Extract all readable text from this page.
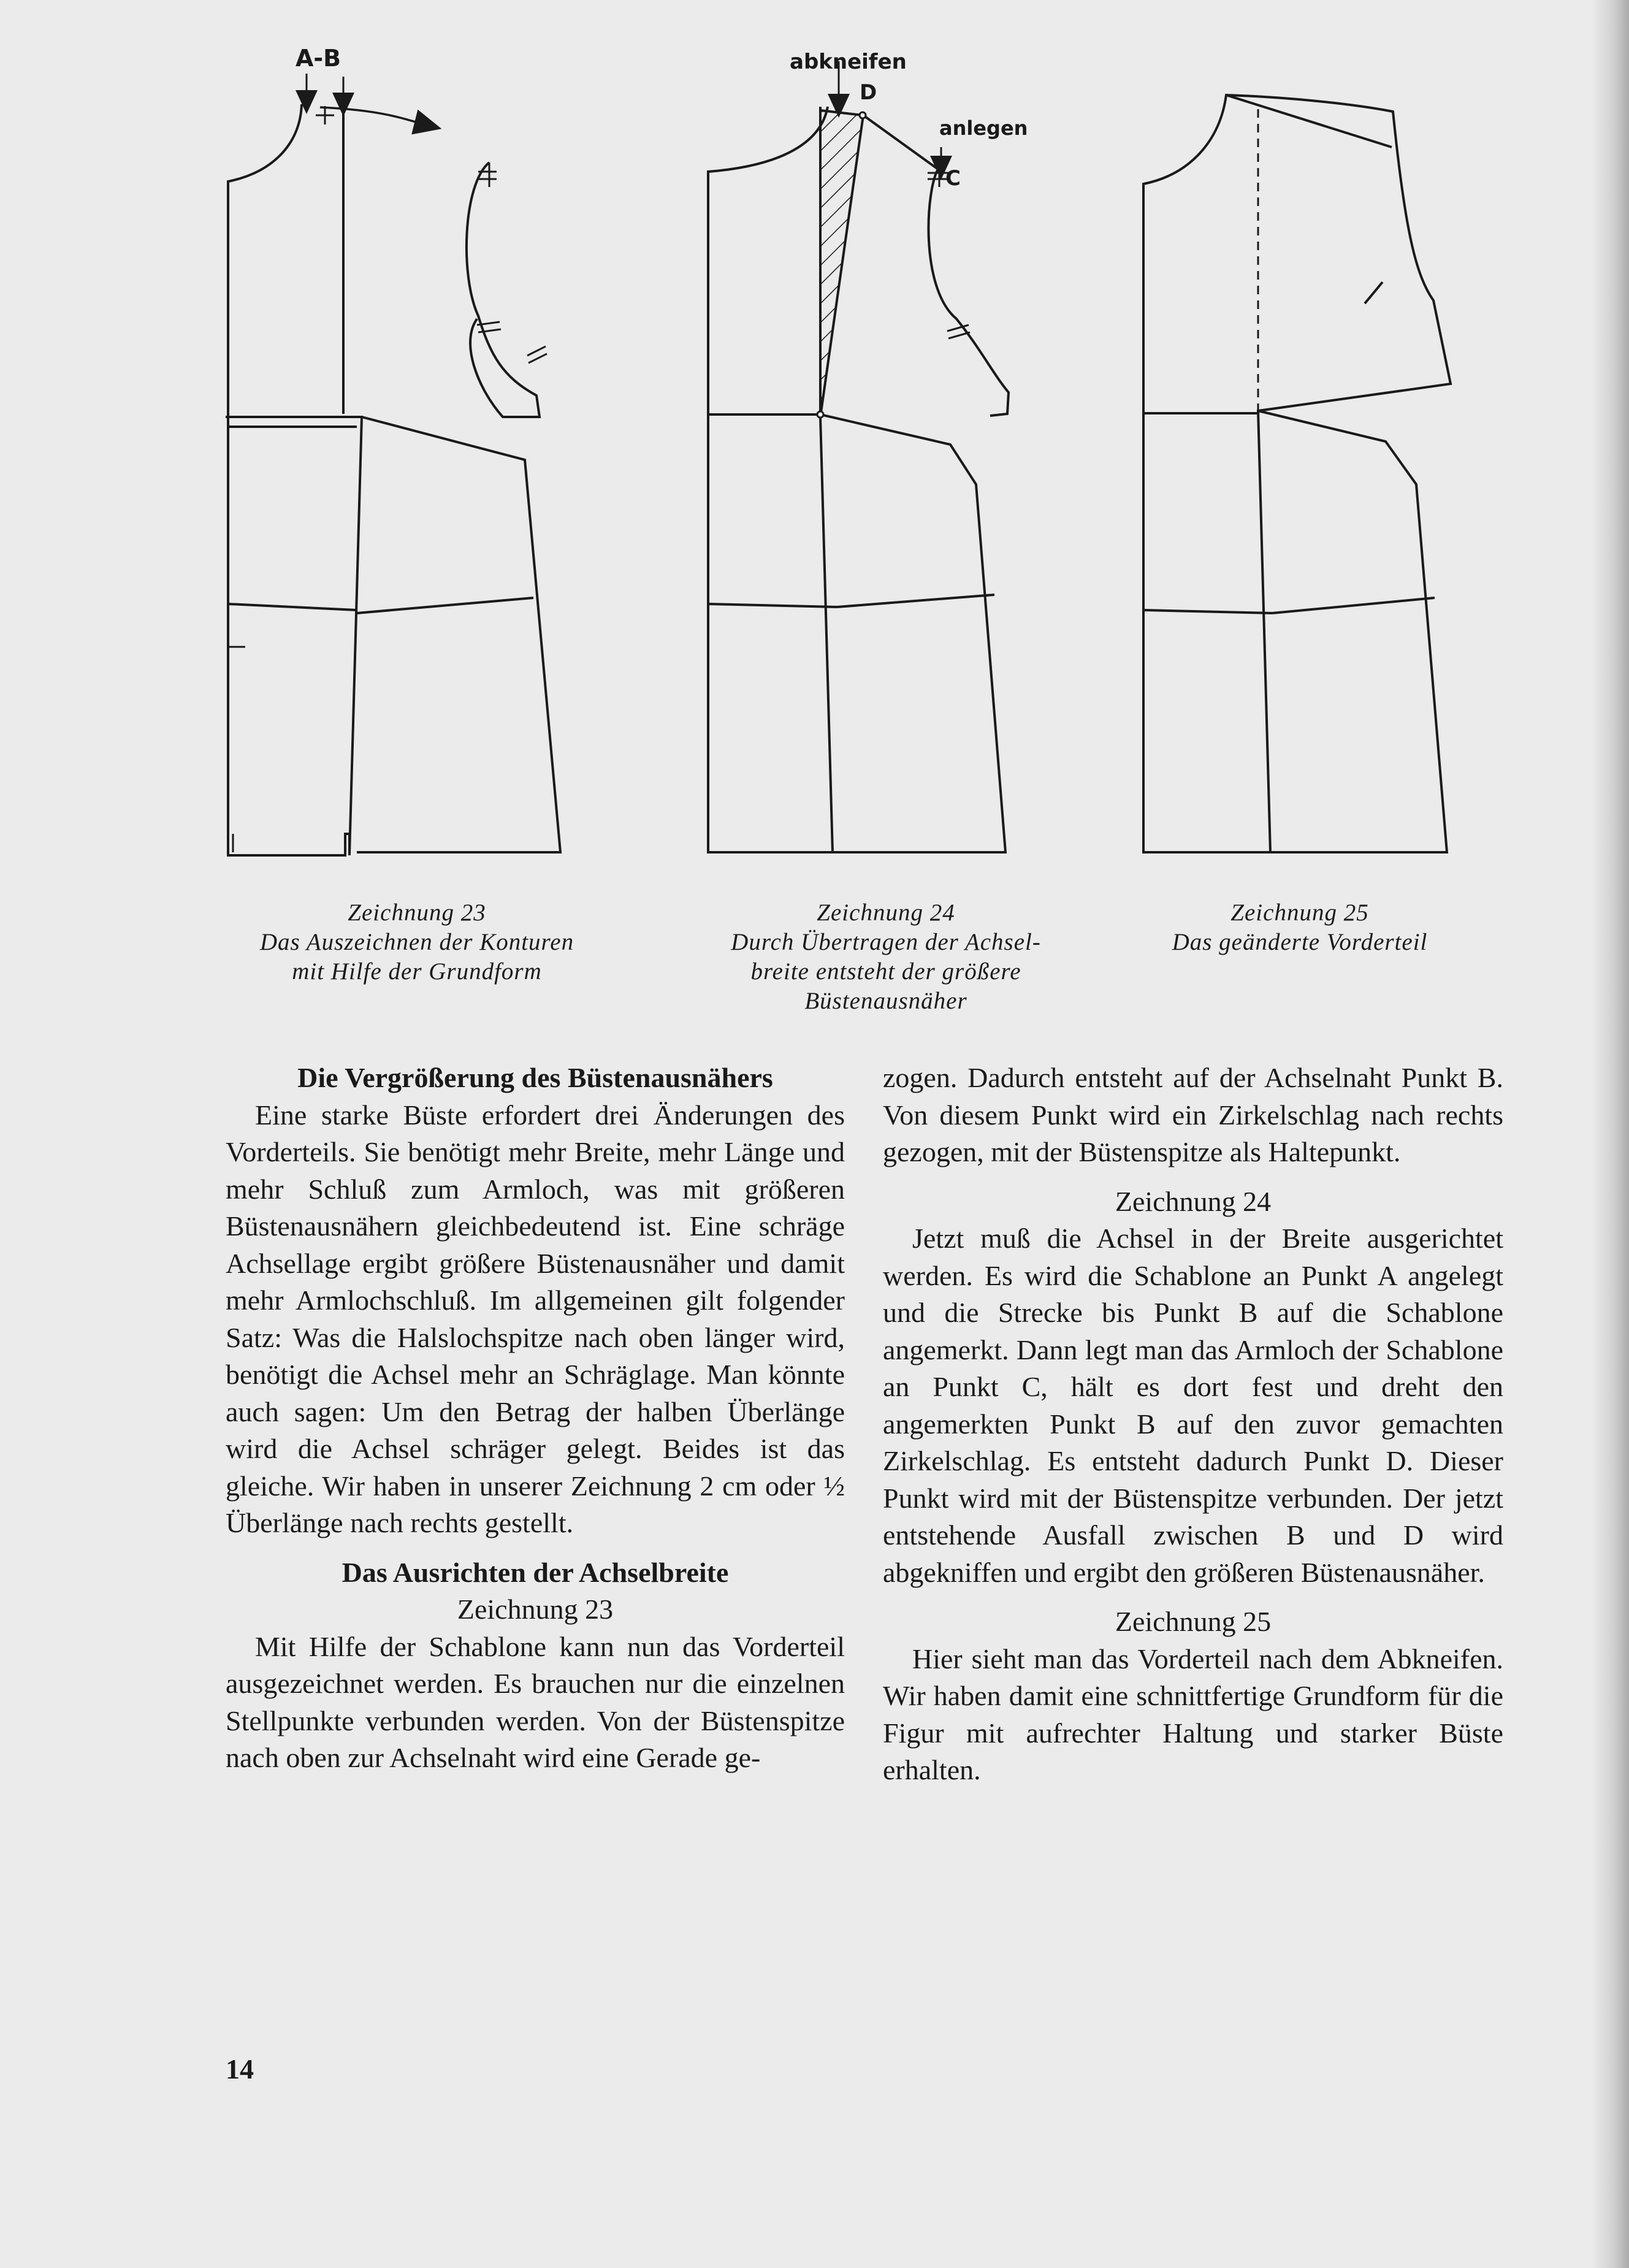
A-B	abkneifen
D
anlegen
C
Zeichnung 23
Das Auszeichnen der Konturen
mit Hilfe der Grundform
Zeichnung 24
Durch Übertragen der Achsel-
breite entsteht der größere
Büstenausnäher
Zeichnung 25
Das geänderte Vorderteil

Die Vergrößerung des Büstenausnähers

Eine starke Büste erfordert drei Änderungen des Vorderteils. Sie benötigt mehr Breite, mehr Länge und mehr Schluß zum Armloch, was mit größeren Büstenausnähern gleichbedeutend ist. Eine schräge Achsellage ergibt größere Büstenausnäher und damit mehr Armlochschluß. Im allgemeinen gilt folgender Satz: Was die Halslochspitze nach oben länger wird, benötigt die Achsel mehr an Schräglage. Man könnte auch sagen: Um den Betrag der halben Überlänge wird die Achsel schräger gelegt. Beides ist das gleiche. Wir haben in unserer Zeichnung 2 cm oder ½ Überlänge nach rechts gestellt.

Das Ausrichten der Achselbreite

Zeichnung 23

Mit Hilfe der Schablone kann nun das Vorderteil ausgezeichnet werden. Es brauchen nur die einzelnen Stellpunkte verbunden werden. Von der Büstenspitze nach oben zur Achselnaht wird eine Gerade ge-

zogen. Dadurch entsteht auf der Achselnaht Punkt B. Von diesem Punkt wird ein Zirkelschlag nach rechts gezogen, mit der Büstenspitze als Haltepunkt.

Zeichnung 24

Jetzt muß die Achsel in der Breite ausgerichtet werden. Es wird die Schablone an Punkt A angelegt und die Strecke bis Punkt B auf die Schablone angemerkt. Dann legt man das Armloch der Schablone an Punkt C, hält es dort fest und dreht den angemerkten Punkt B auf den zuvor gemachten Zirkelschlag. Es entsteht dadurch Punkt D. Dieser Punkt wird mit der Büstenspitze verbunden. Der jetzt entstehende Ausfall zwischen B und D wird abgekniffen und ergibt den größeren Büstenausnäher.

Zeichnung 25

Hier sieht man das Vorderteil nach dem Abkneifen. Wir haben damit eine schnittfertige Grundform für die Figur mit aufrechter Haltung und starker Büste erhalten.

14
